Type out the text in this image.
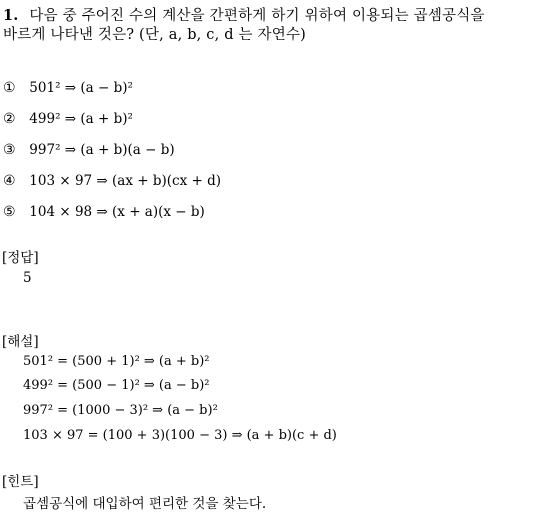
1. 다음 중 주어진 수의 계산을 간편하게 하기 위하여 이용되는 곱셈공식을
바르게 나타낸 것은? (단, a, b, c, d 는 자연수)
① 501² ⇒ (a − b)²
② 499² ⇒ (a + b)²
③ 997² ⇒ (a + b)(a − b)
④ 103 × 97 ⇒ (ax + b)(cx + d)
⑤ 104 × 98 ⇒ (x + a)(x − b)
[정답]
5
[해설]
501² = (500 + 1)² ⇒ (a + b)²
499² = (500 − 1)² ⇒ (a − b)²
997² = (1000 − 3)² ⇒ (a − b)²
103 × 97 = (100 + 3)(100 − 3) ⇒ (a + b)(c + d)
[힌트]
곱셈공식에 대입하여 편리한 것을 찾는다.
